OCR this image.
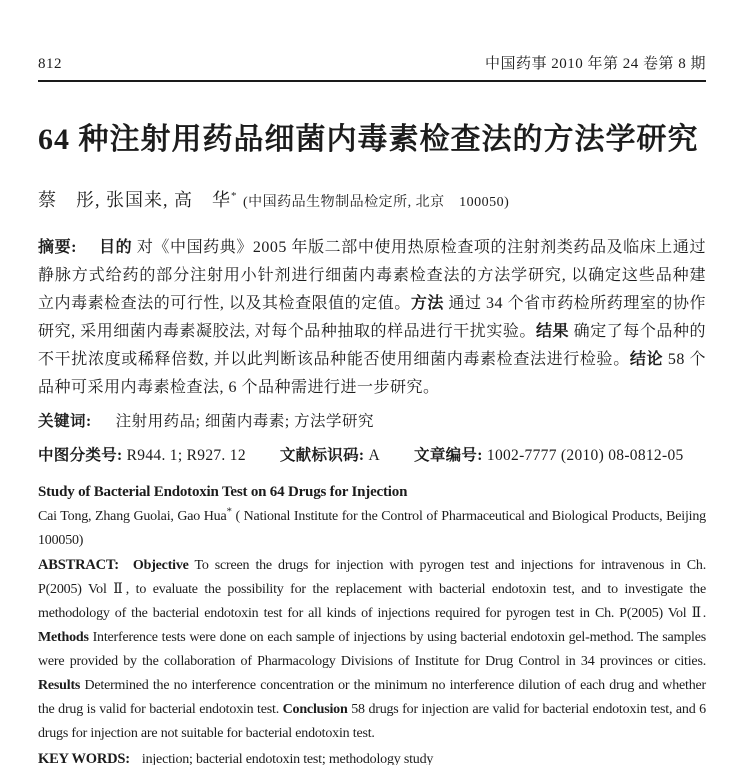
812	中国药事 2010 年第 24 卷第 8 期
64 种注射用药品细菌内毒素检查法的方法学研究

蔡　彤, 张国来, 高　华* (中国药品生物制品检定所, 北京　100050)

摘要: 目的 对《中国药典》2005 年版二部中使用热原检查项的注射剂类药品及临床上通过静脉方式给药的部分注射用小针剂进行细菌内毒素检查法的方法学研究, 以确定这些品种建立内毒素检查法的可行性, 以及其检查限值的定值。方法 通过 34 个省市药检所药理室的协作研究, 采用细菌内毒素凝胶法, 对每个品种抽取的样品进行干扰实验。结果 确定了每个品种的不干扰浓度或稀释倍数, 并以此判断该品种能否使用细菌内毒素检查法进行检验。结论 58 个品种可采用内毒素检查法, 6 个品种需进行进一步研究。

关键词: 注射用药品; 细菌内毒素; 方法学研究

中图分类号: R944. 1; R927. 12 文献标识码: A 文章编号: 1002-7777 (2010) 08-0812-05

Study of Bacterial Endotoxin Test on 64 Drugs for Injection

Cai Tong, Zhang Guolai, Gao Hua* ( National Institute for the Control of Pharmaceutical and Biological Products, Beijing 100050)

ABSTRACT: Objective To screen the drugs for injection with pyrogen test and injections for intravenous in Ch. P(2005) Vol Ⅱ, to evaluate the possibility for the replacement with bacterial endotoxin test, and to investigate the methodology of the bacterial endotoxin test for all kinds of injections required for pyrogen test in Ch. P(2005) Vol Ⅱ. Methods Interference tests were done on each sample of injections by using bacterial endotoxin gel-method. The samples were provided by the collaboration of Pharmacology Divisions of Institute for Drug Control in 34 provinces or cities. Results Determined the no interference concentration or the minimum no interference dilution of each drug and whether the drug is valid for bacterial endotoxin test. Conclusion 58 drugs for injection are valid for bacterial endotoxin test, and 6 drugs for injection are not suitable for bacterial endotoxin test.

KEY WORDS: injection; bacterial endotoxin test; methodology study
